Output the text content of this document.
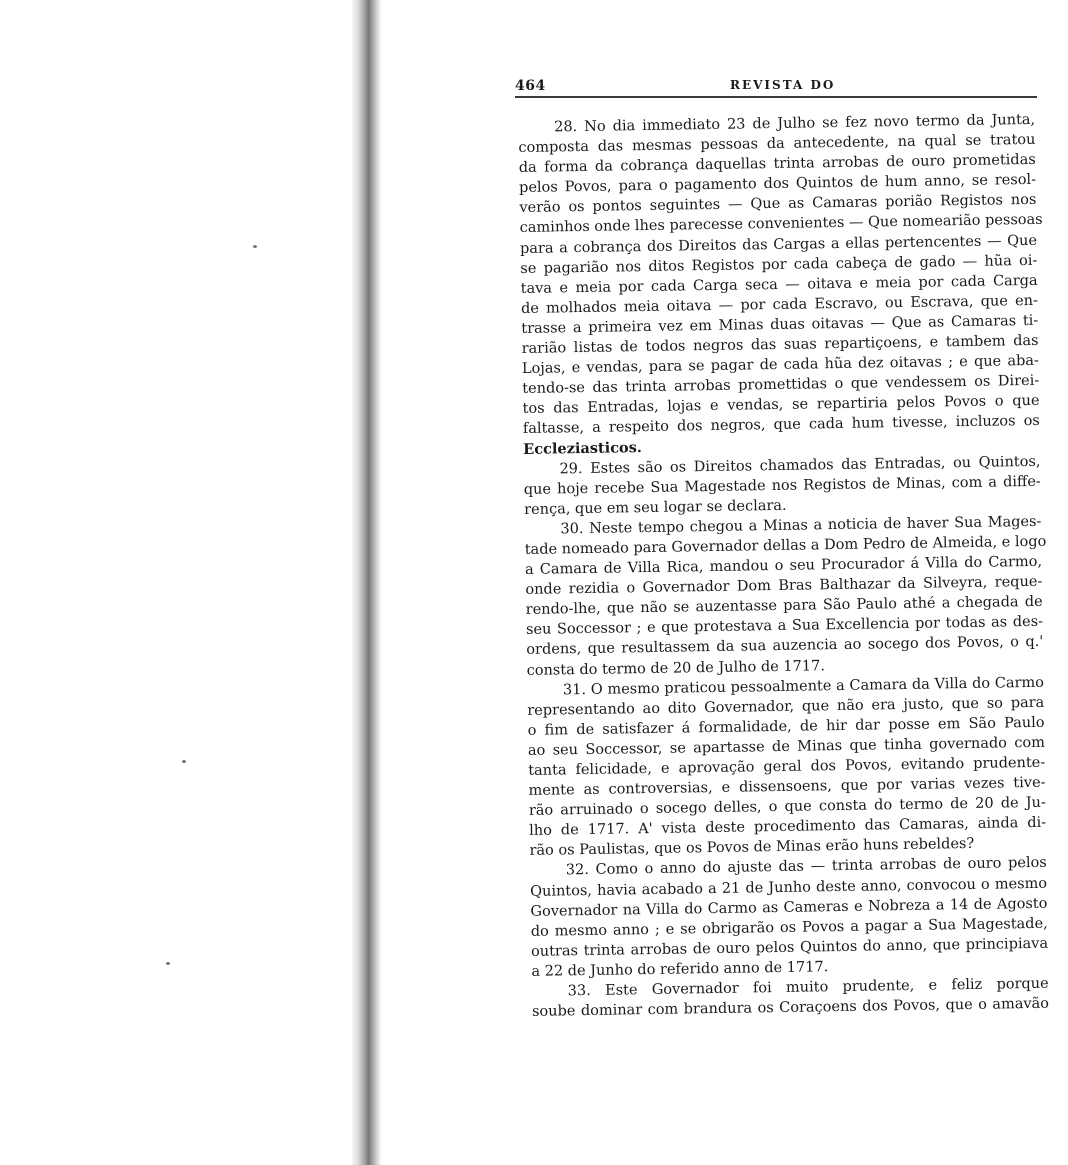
464	REVISTA DO
28. No dia immediato 23 de Julho se fez novo termo da Junta,
composta das mesmas pessoas da antecedente, na qual se tratou
da forma da cobrança daquellas trinta arrobas de ouro prometidas
pelos Povos, para o pagamento dos Quintos de hum anno, se resol-
verão os pontos seguintes — Que as Camaras porião Registos nos
caminhos onde lhes parecesse convenientes — Que nomearião pessoas
para a cobrança dos Direitos das Cargas a ellas pertencentes — Que
se pagarião nos ditos Registos por cada cabeça de gado — hũa oi-
tava e meia por cada Carga seca — oitava e meia por cada Carga
de molhados meia oitava — por cada Escravo, ou Escrava, que en-
trasse a primeira vez em Minas duas oitavas — Que as Camaras ti-
rarião listas de todos negros das suas repartiçoens, e tambem das
Lojas, e vendas, para se pagar de cada hũa dez oitavas ; e que aba-
tendo-se das trinta arrobas promettidas o que vendessem os Direi-
tos das Entradas, lojas e vendas, se repartiria pelos Povos o que
faltasse, a respeito dos negros, que cada hum tivesse, incluzos os
Eccleziasticos.
29. Estes são os Direitos chamados das Entradas, ou Quintos,
que hoje recebe Sua Magestade nos Registos de Minas, com a diffe-
rença, que em seu logar se declara.
30. Neste tempo chegou a Minas a noticia de haver Sua Mages-
tade nomeado para Governador dellas a Dom Pedro de Almeida, e logo
a Camara de Villa Rica, mandou o seu Procurador á Villa do Carmo,
onde rezidia o Governador Dom Bras Balthazar da Silveyra, reque-
rendo-lhe, que não se auzentasse para São Paulo athé a chegada de
seu Soccessor ; e que protestava a Sua Excellencia por todas as des-
ordens, que resultassem da sua auzencia ao socego dos Povos, o q.'
consta do termo de 20 de Julho de 1717.
31. O mesmo praticou pessoalmente a Camara da Villa do Carmo
representando ao dito Governador, que não era justo, que so para
o fim de satisfazer á formalidade, de hir dar posse em São Paulo
ao seu Soccessor, se apartasse de Minas que tinha governado com
tanta felicidade, e aprovação geral dos Povos, evitando prudente-
mente as controversias, e dissensoens, que por varias vezes tive-
rão arruinado o socego delles, o que consta do termo de 20 de Ju-
lho de 1717. A' vista deste procedimento das Camaras, ainda di-
rão os Paulistas, que os Povos de Minas erão huns rebeldes?
32. Como o anno do ajuste das — trinta arrobas de ouro pelos
Quintos, havia acabado a 21 de Junho deste anno, convocou o mesmo
Governador na Villa do Carmo as Cameras e Nobreza a 14 de Agosto
do mesmo anno ; e se obrigarão os Povos a pagar a Sua Magestade,
outras trinta arrobas de ouro pelos Quintos do anno, que principiava
a 22 de Junho do referido anno de 1717.
33. Este Governador foi muito prudente, e feliz porque
soube dominar com brandura os Coraçoens dos Povos, que o amavão
